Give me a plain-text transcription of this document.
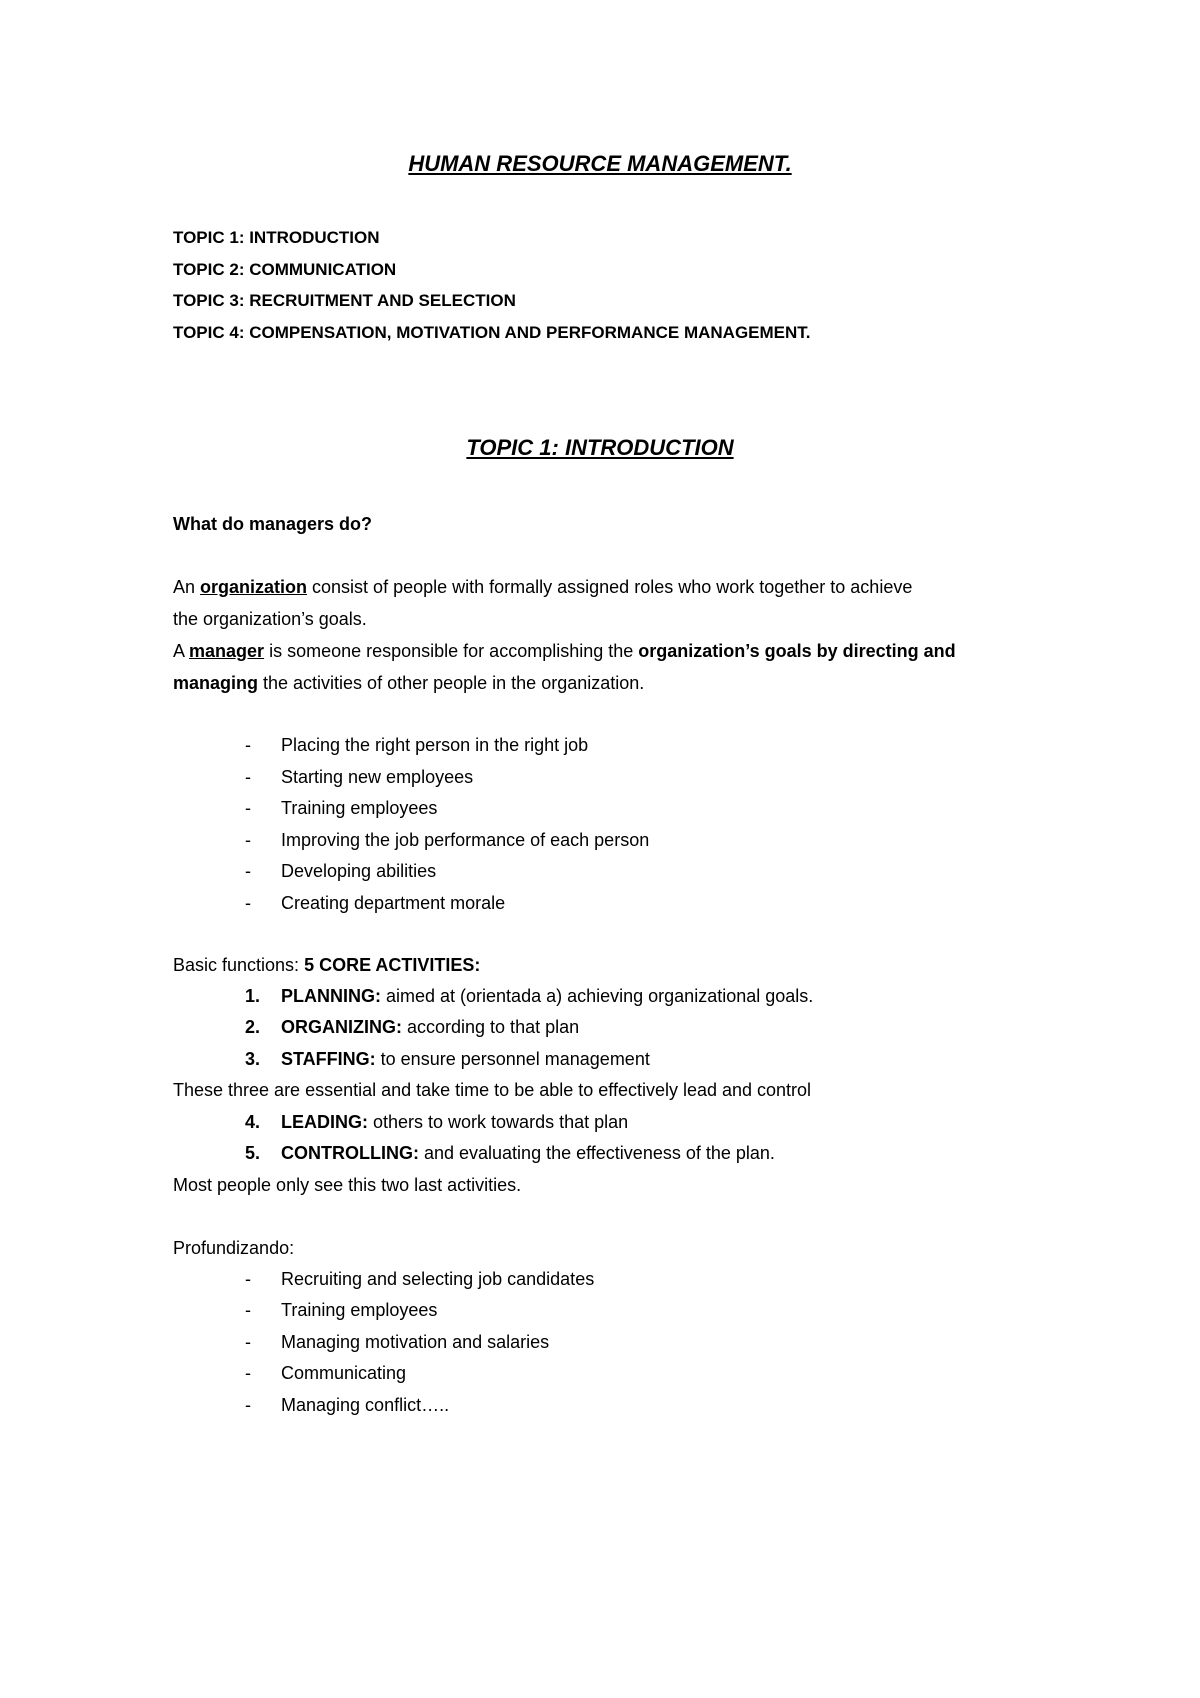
HUMAN RESOURCE MANAGEMENT.
TOPIC 1: INTRODUCTION
TOPIC 2: COMMUNICATION
TOPIC 3: RECRUITMENT AND SELECTION
TOPIC 4: COMPENSATION, MOTIVATION AND PERFORMANCE MANAGEMENT.
TOPIC 1: INTRODUCTION
What do managers do?
An organization consist of people with formally assigned roles who work together to achieve
the organization’s goals.
A manager is someone responsible for accomplishing the organization’s goals by directing and
managing the activities of other people in the organization.
- Placing the right person in the right job
- Starting new employees
- Training employees
- Improving the job performance of each person
- Developing abilities
- Creating department morale
Basic functions: 5 CORE ACTIVITIES:
1. PLANNING: aimed at (orientada a) achieving organizational goals.
2. ORGANIZING: according to that plan
3. STAFFING: to ensure personnel management
These three are essential and take time to be able to effectively lead and control
4. LEADING: others to work towards that plan
5. CONTROLLING: and evaluating the effectiveness of the plan.
Most people only see this two last activities.
Profundizando:
- Recruiting and selecting job candidates
- Training employees
- Managing motivation and salaries
- Communicating
- Managing conflict…..
